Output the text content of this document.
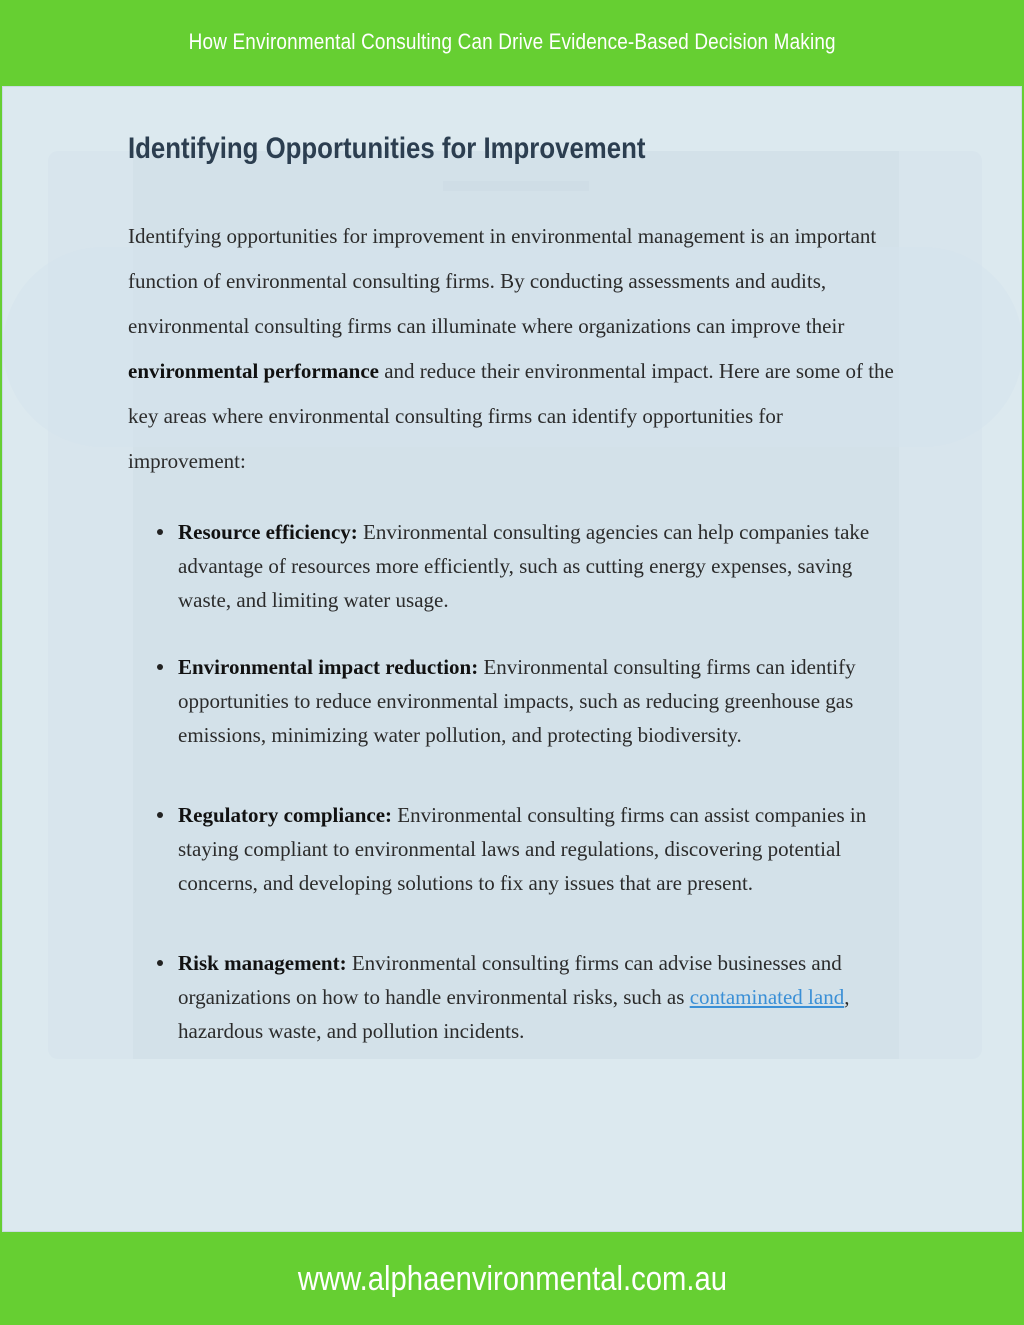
How Environmental Consulting Can Drive Evidence-Based Decision Making
Identifying Opportunities for Improvement

Identifying opportunities for improvement in environmental management is an important function of environmental consulting firms. By conducting assessments and audits, environmental consulting firms can illuminate where organizations can improve their environmental performance and reduce their environmental impact. Here are some of the key areas where environmental consulting firms can identify opportunities for improvement:

Resource efficiency: Environmental consulting agencies can help companies take advantage of resources more efficiently, such as cutting energy expenses, saving waste, and limiting water usage.
Environmental impact reduction: Environmental consulting firms can identify opportunities to reduce environmental impacts, such as reducing greenhouse gas emissions, minimizing water pollution, and protecting biodiversity.
Regulatory compliance: Environmental consulting firms can assist companies in staying compliant to environmental laws and regulations, discovering potential concerns, and developing solutions to fix any issues that are present.
Risk management: Environmental consulting firms can advise businesses and organizations on how to handle environmental risks, such as contaminated land, hazardous waste, and pollution incidents.
www.alphaenvironmental.com.au
